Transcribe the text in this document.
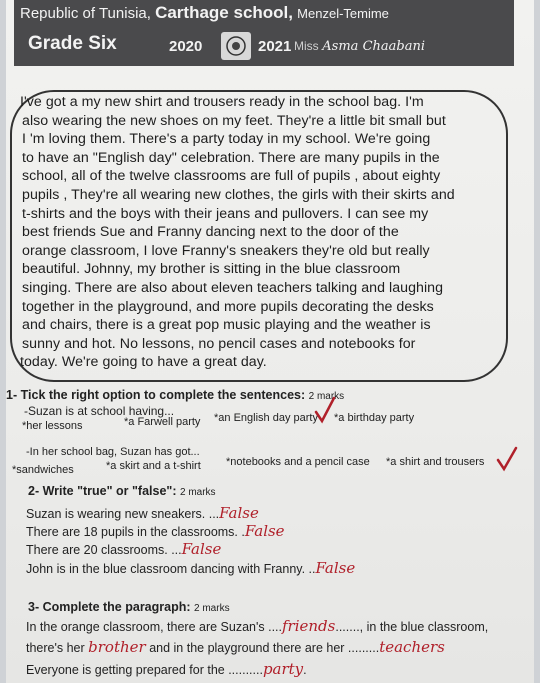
Republic of Tunisia, Carthage school, Menzel-Temime
Grade Six	2020	2021 Miss Asma Chaabani
I've got a my new shirt and trousers ready in the school bag. I'm
also wearing the new shoes on my feet. They're a little bit small but
I 'm loving them. There's a party today in my school. We're going
to have an "English day" celebration. There are many pupils in the
school, all of the twelve classrooms are full of pupils , about eighty
pupils , They're all wearing new clothes, the girls with their skirts and
t-shirts and the boys with their jeans and pullovers. I can see my
best friends Sue and Franny dancing next to the door of the
orange classroom, I love Franny's sneakers they're old but really
beautiful. Johnny, my brother is sitting in the blue classroom
singing. There are also about eleven teachers talking and laughing
together in the playground, and more pupils decorating the desks
and chairs, there is a great pop music playing and the weather is
sunny and hot. No lessons, no pencil cases and notebooks for
today. We're going to have a great day.
1- Tick the right option to complete the sentences: 2 marks
-Suzan is at school having...
*her lessons	*a Farwell party *an English day party *a birthday party
-In her school bag, Suzan has got...
*sandwiches	*a skirt and a t-shirt *notebooks and a pencil case *a shirt and trousers
2- Write "true" or "false": 2 marks
Suzan is wearing new sneakers. ...False
There are 18 pupils in the classrooms. .False
There are 20 classrooms. ...False
John is in the blue classroom dancing with Franny. ..False
3- Complete the paragraph: 2 marks
In the orange classroom, there are Suzan's ....friends......., in the blue classroom,
there's her brother and in the playground there are her .........teachers
Everyone is getting prepared for the ..........party.
